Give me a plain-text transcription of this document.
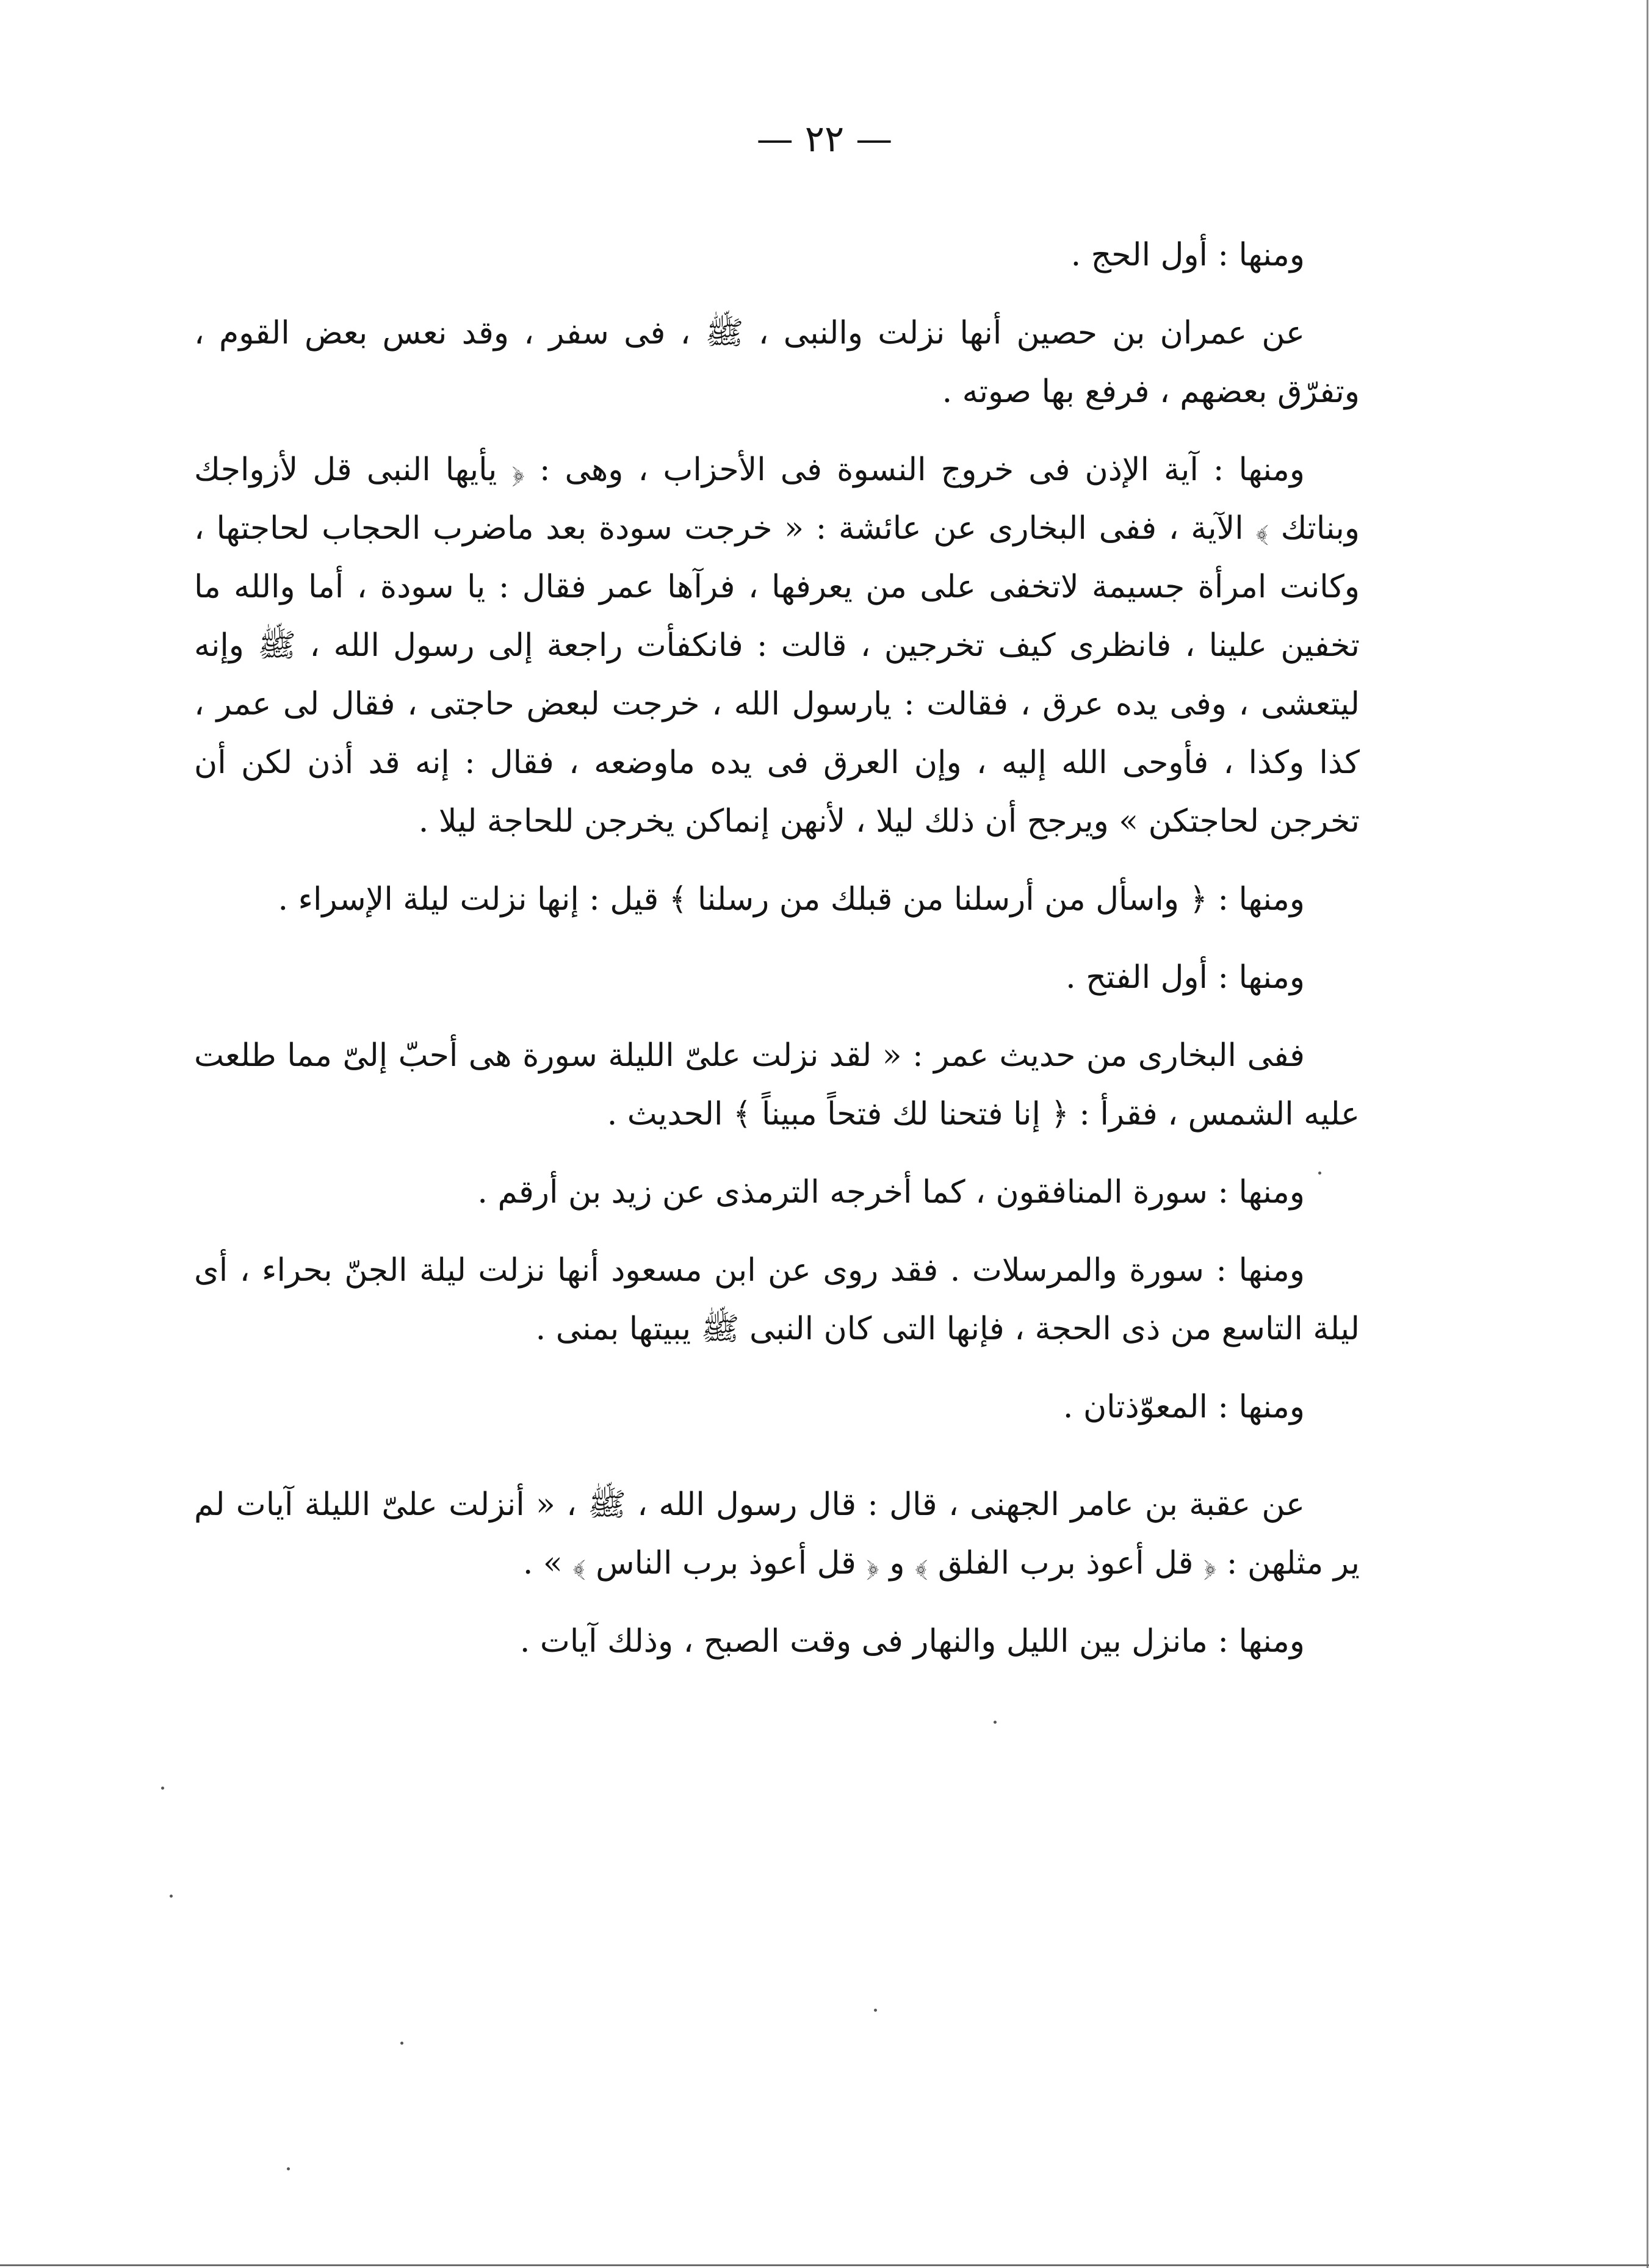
— ٢٢ —

ومنها : أول الحج .

عن عمران بن حصين أنها نزلت والنبى ، ﷺ ، فى سفر ، وقد نعس بعض القوم ، وتفرّق بعضهم ، فرفع بها صوته .

ومنها : آية الإذن فى خروج النسوة فى الأحزاب ، وهى : ﴿ يأيها النبى قل لأزواجك وبناتك ﴾ الآية ، ففى البخارى عن عائشة : « خرجت سودة بعد ماضرب الحجاب لحاجتها ، وكانت امرأة جسيمة لاتخفى على من يعرفها ، فرآها عمر فقال : يا سودة ، أما والله ما تخفين علينا ، فانظرى كيف تخرجين ، قالت : فانكفأت راجعة إلى رسول الله ، ﷺ وإنه ليتعشى ، وفى يده عرق ، فقالت : يارسول الله ، خرجت لبعض حاجتى ، فقال لى عمر ، كذا وكذا ، فأوحى الله إليه ، وإن العرق فى يده ماوضعه ، فقال : إنه قد أذن لكن أن تخرجن لحاجتكن » ويرجح أن ذلك ليلا ، لأنهن إنماكن يخرجن للحاجة ليلا .

ومنها : ﴿ واسأل من أرسلنا من قبلك من رسلنا ﴾ قيل : إنها نزلت ليلة الإسراء .

ومنها : أول الفتح .

ففى البخارى من حديث عمر : « لقد نزلت علىّ الليلة سورة هى أحبّ إلىّ مما طلعت عليه الشمس ، فقرأ : ﴿ إنا فتحنا لك فتحاً مبيناً ﴾ الحديث .

ومنها : سورة المنافقون ، كما أخرجه الترمذى عن زيد بن أرقم .

ومنها : سورة والمرسلات . فقد روى عن ابن مسعود أنها نزلت ليلة الجنّ بحراء ، أى ليلة التاسع من ذى الحجة ، فإنها التى كان النبى ﷺ يبيتها بمنى .

ومنها : المعوّذتان .

عن عقبة بن عامر الجهنى ، قال : قال رسول الله ، ﷺ ، « أنزلت علىّ الليلة آيات لم ير مثلهن : ﴿ قل أعوذ برب الفلق ﴾ و ﴿ قل أعوذ برب الناس ﴾ » .

ومنها : مانزل بين الليل والنهار فى وقت الصبح ، وذلك آيات .
